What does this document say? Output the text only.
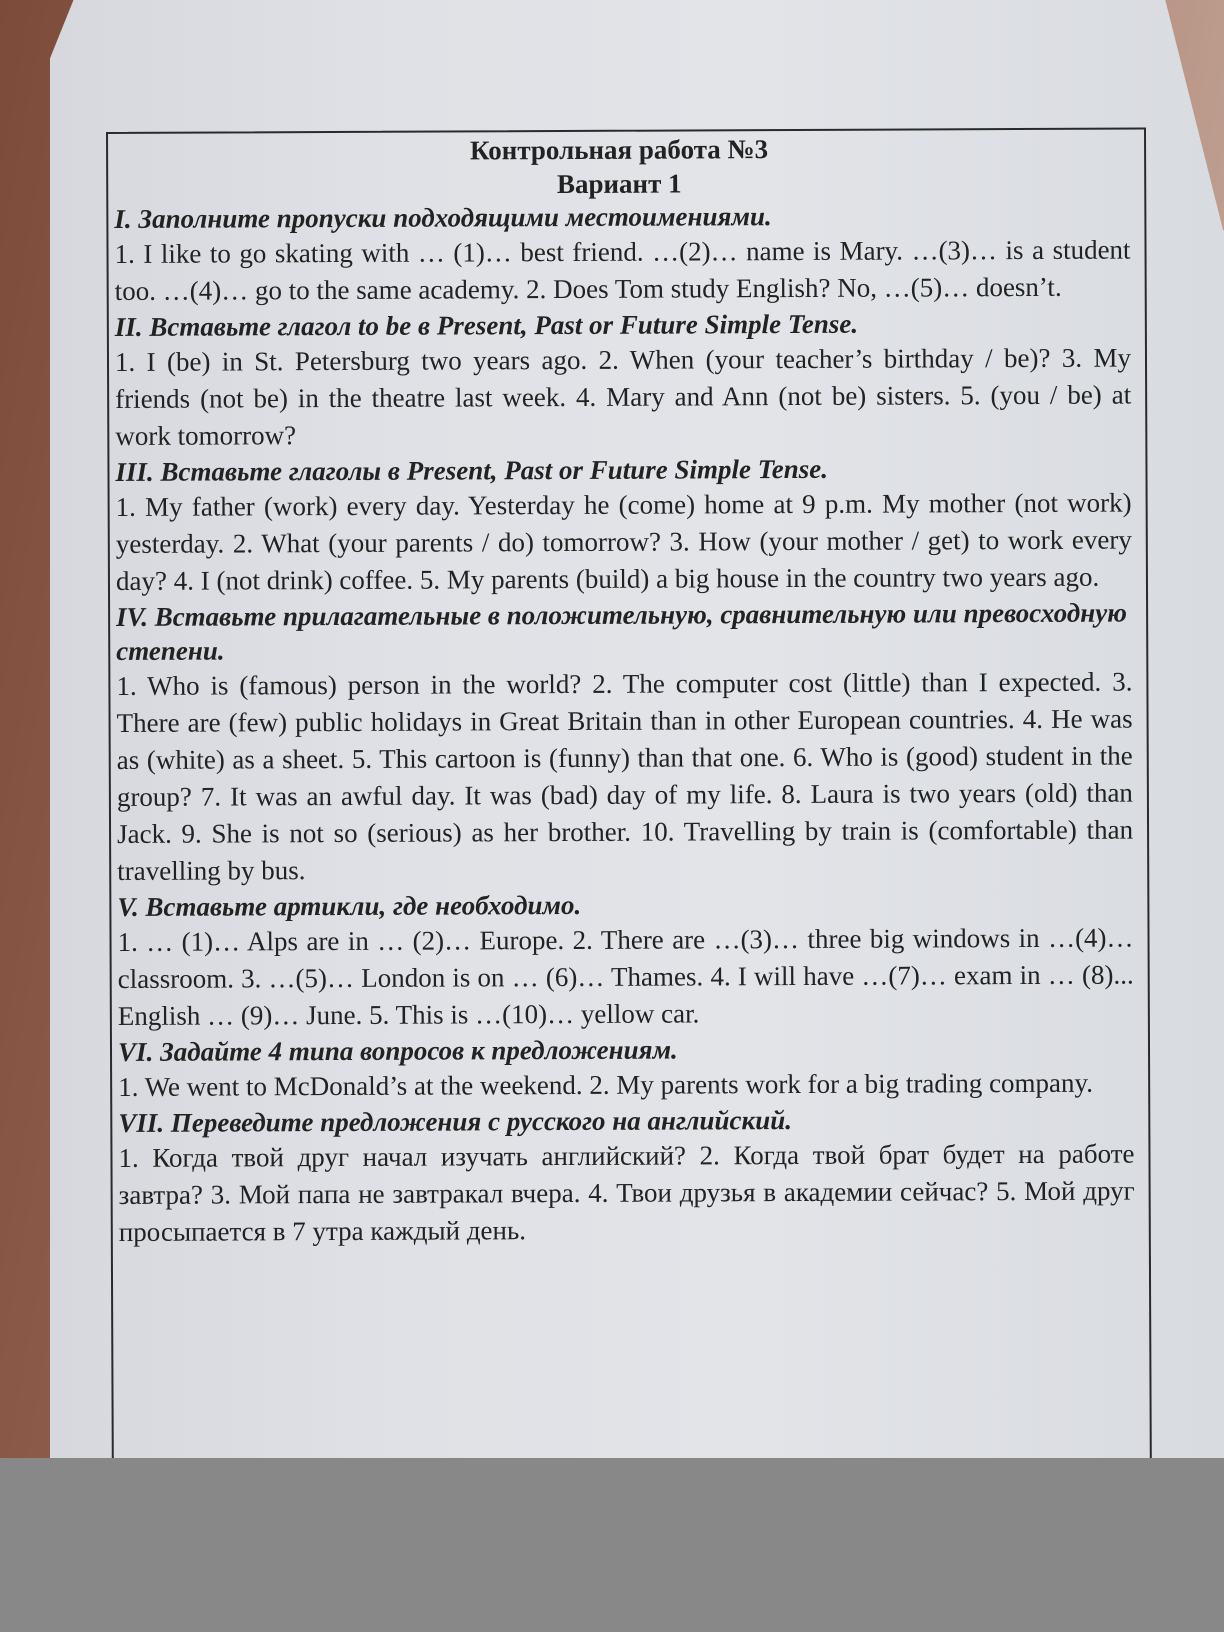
Контрольная работа №3
Вариант 1

I. Заполните пропуски подходящими местоимениями.

1. I like to go skating with … (1)… best friend. …(2)… name is Mary. …(3)… is a student too. …(4)… go to the same academy. 2. Does Tom study English? No, …(5)… doesn’t.

II. Вставьте глагол to be в Present, Past or Future Simple Tense.

1. I (be) in St. Petersburg two years ago. 2. When (your teacher’s birthday / be)? 3. My friends (not be) in the theatre last week. 4. Mary and Ann (not be) sisters. 5. (you / be) at work tomorrow?

III. Вставьте глаголы в Present, Past or Future Simple Tense.

1. My father (work) every day. Yesterday he (come) home at 9 p.m. My mother (not work) yesterday. 2. What (your parents / do) tomorrow? 3. How (your mother / get) to work every day? 4. I (not drink) coffee. 5. My parents (build) a big house in the country two years ago.

IV. Вставьте прилагательные в положительную, сравнительную или превосходную степени.

1. Who is (famous) person in the world? 2. The computer cost (little) than I expected. 3. There are (few) public holidays in Great Britain than in other European countries. 4. He was as (white) as a sheet. 5. This cartoon is (funny) than that one. 6. Who is (good) student in the group? 7. It was an awful day. It was (bad) day of my life. 8. Laura is two years (old) than Jack. 9. She is not so (serious) as her brother. 10. Travelling by train is (comfortable) than travelling by bus.

V. Вставьте артикли, где необходимо.

1. … (1)… Alps are in … (2)… Europe. 2. There are …(3)… three big windows in …(4)… classroom. 3. …(5)… London is on … (6)… Thames. 4. I will have …(7)… exam in … (8)... English … (9)… June. 5. This is …(10)… yellow car.

VI. Задайте 4 типа вопросов к предложениям.

1. We went to McDonald’s at the weekend. 2. My parents work for a big trading company.

VII. Переведите предложения с русского на английский.

1. Когда твой друг начал изучать английский? 2. Когда твой брат будет на работе завтра? 3. Мой папа не завтракал вчера. 4. Твои друзья в академии сейчас? 5. Мой друг просыпается в 7 утра каждый день.
